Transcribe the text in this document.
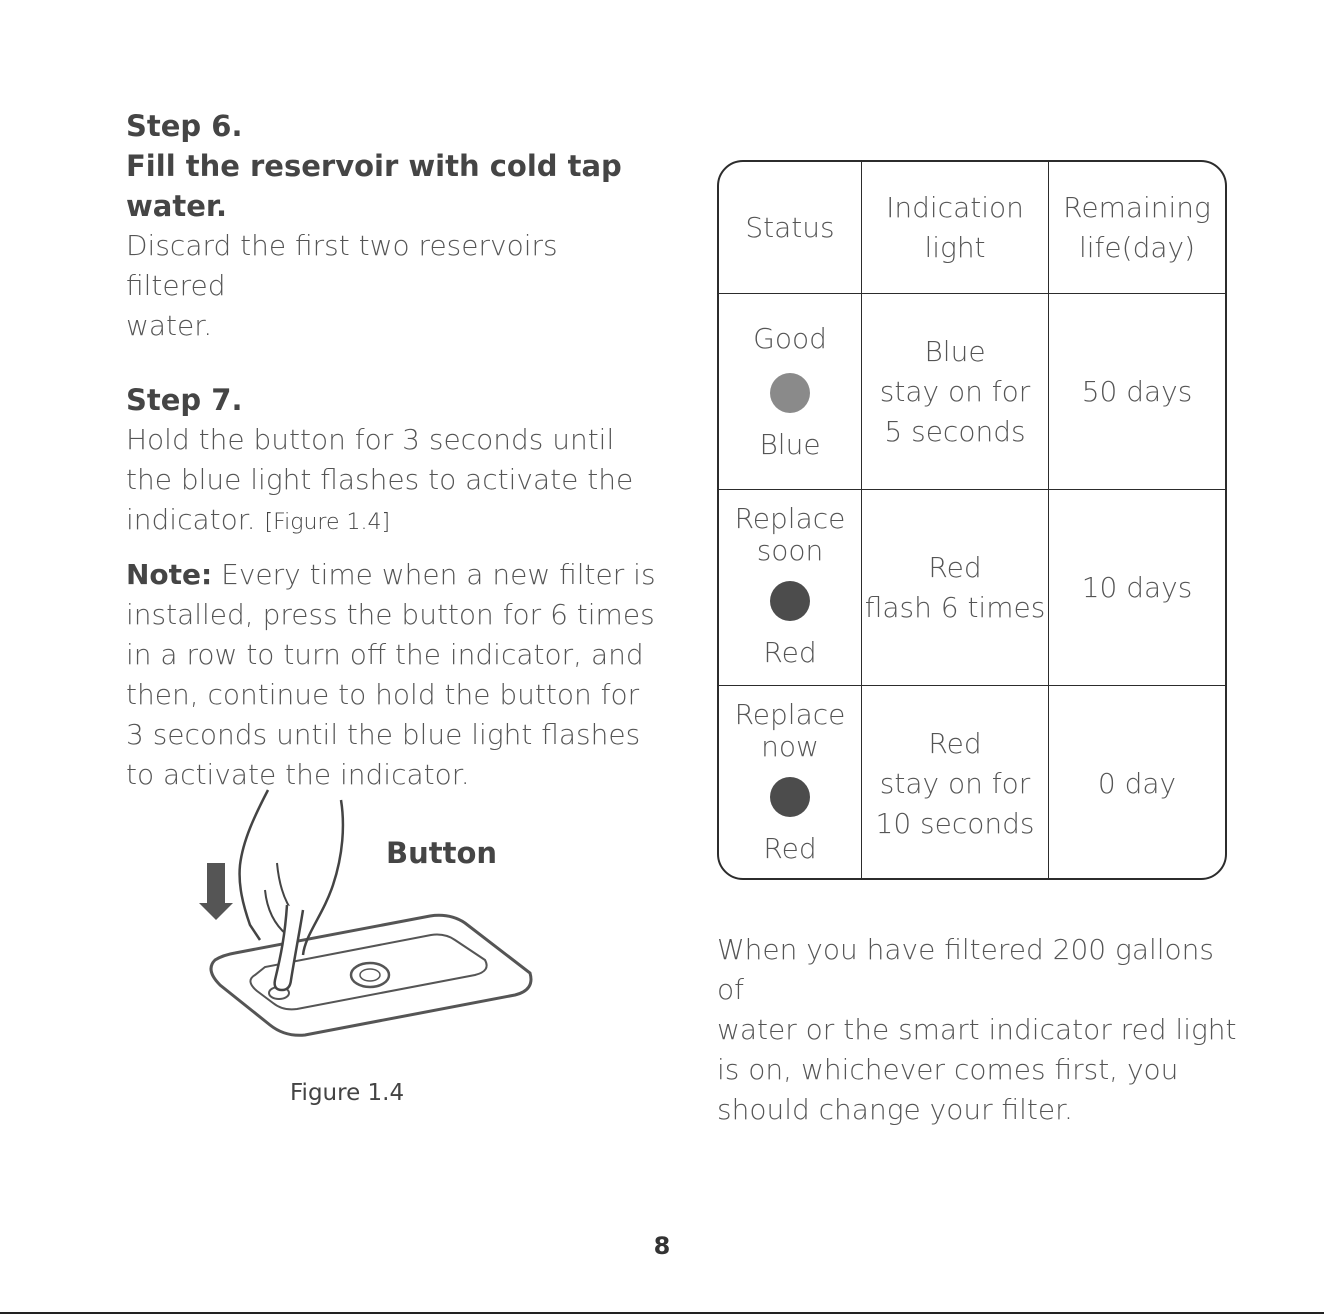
Step 6.

Fill the reservoir with cold tap

water.

Discard the first two reservoirs filtered

water.

Step 7.

Hold the button for 3 seconds until

the blue light flashes to activate the

indicator. [Figure 1.4]

Note: Every time when a new filter is

installed, press the button for 6 times

in a row to turn off the indicator, and

then, continue to hold the button for

3 seconds until the blue light flashes

to activate the indicator.

Button
Figure 1.4
Status
Indication
light
Remaining
life(day)
Good
Blue
Blue
stay on for
5 seconds
50 days
Replace
soon
Red
Red
flash 6 times
10 days
Replace
now
Red
Red
stay on for
10 seconds
0 day
When you have filtered 200 gallons of
water or the smart indicator red light
is on, whichever comes first, you
should change your filter.
8
